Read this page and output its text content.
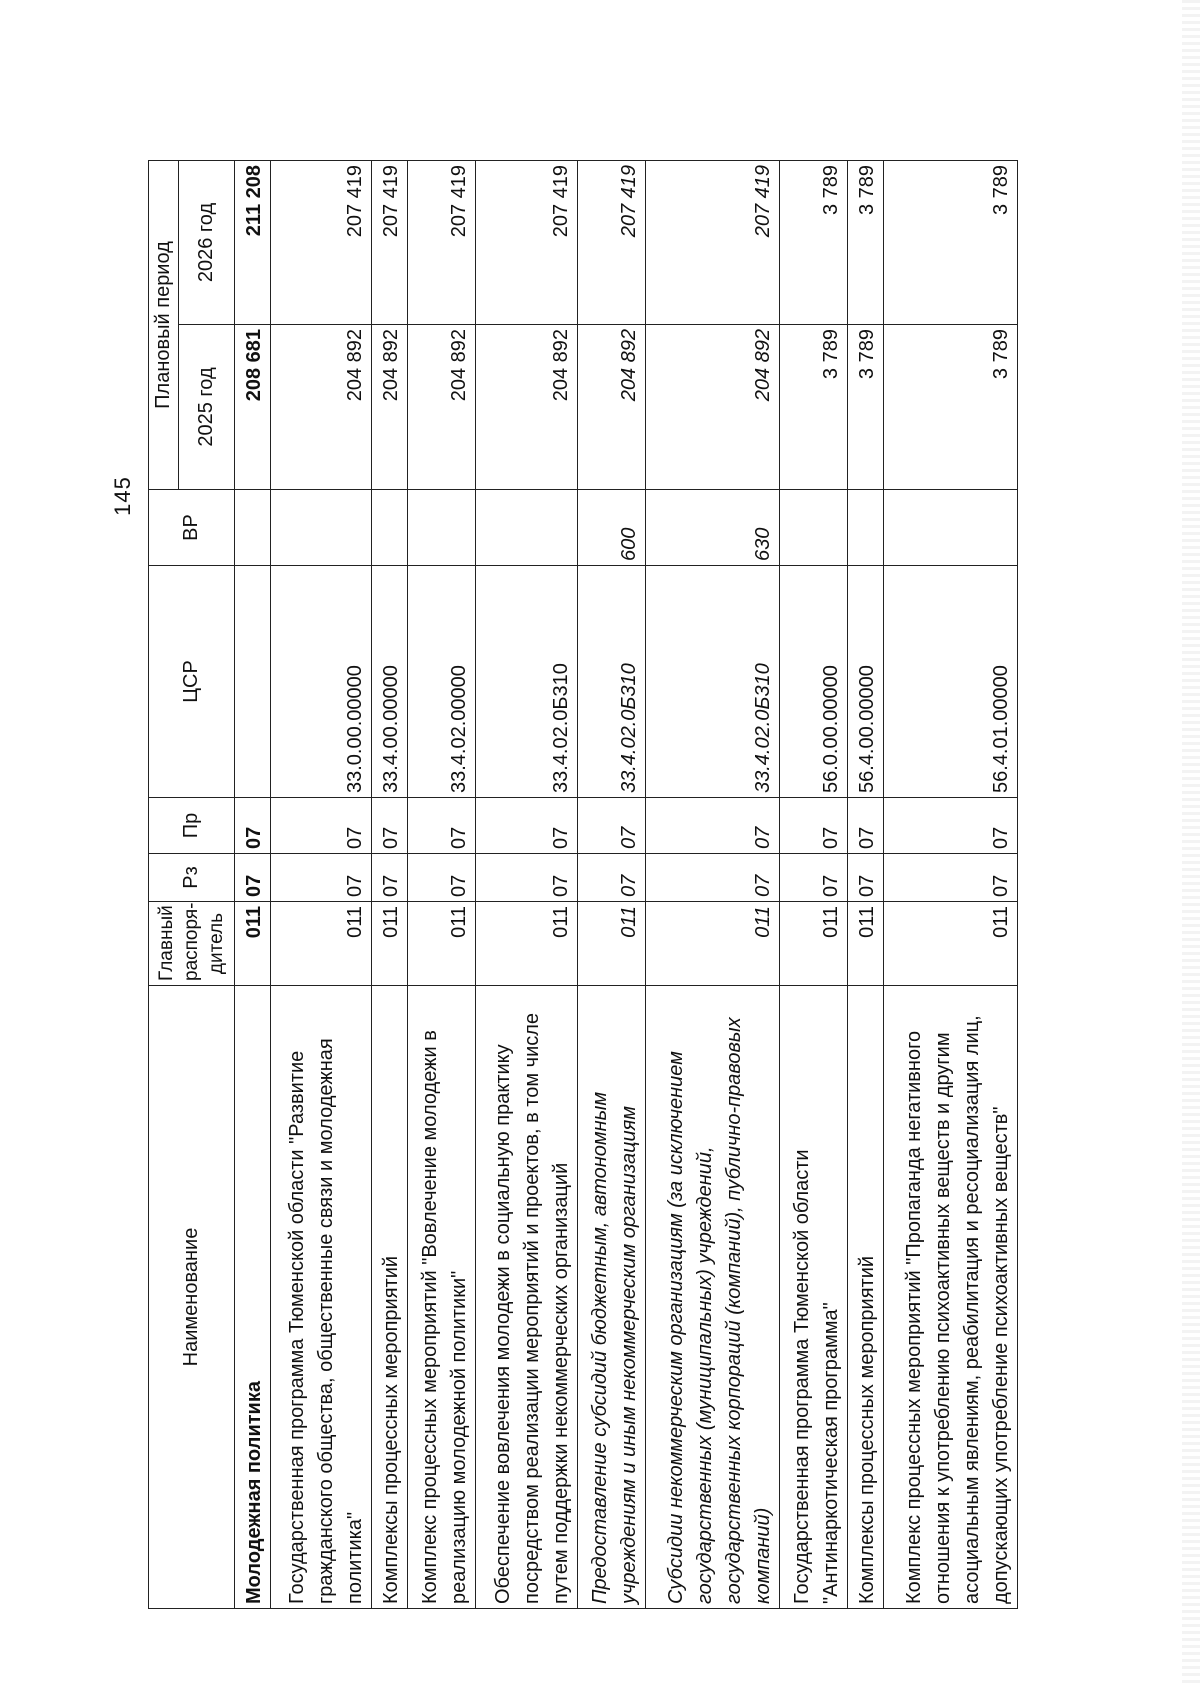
145
Наименование	Главный распоря-дитель	Рз	Пр	ЦСР	ВР	Плановый период	
						2025 год	2026 год
Молодежная политика	011	07	07			208 681	211 208
Государственная программа Тюменской области "Развитие гражданского общества, общественные связи и молодежная политика"	011	07	07	33.0.00.00000		204 892	207 419
Комплексы процессных мероприятий	011	07	07	33.4.00.00000		204 892	207 419
Комплекс процессных мероприятий "Вовлечение молодежи в реализацию молодежной политики"	011	07	07	33.4.02.00000		204 892	207 419
Обеспечение вовлечения молодежи в социальную практику посредством реализации мероприятий и проектов, в том числе путем поддержки некоммерческих организаций	011	07	07	33.4.02.0Б310		204 892	207 419
Предоставление субсидий бюджетным, автономным учреждениям и иным некоммерческим организациям	011	07	07	33.4.02.0Б310	600	204 892	207 419
Субсидии некоммерческим организациям (за исключением государственных (муниципальных) учреждений, государственных корпораций (компаний), публично-правовых компаний)	011	07	07	33.4.02.0Б310	630	204 892	207 419
Государственная программа Тюменской области "Антинаркотическая программа"	011	07	07	56.0.00.00000		3 789	3 789
Комплексы процессных мероприятий	011	07	07	56.4.00.00000		3 789	3 789
Комплекс процессных мероприятий "Пропаганда негативного отношения к употреблению психоактивных веществ и другим асоциальным явлениям, реабилитация и ресоциализация лиц, допускающих употребление психоактивных веществ"	011	07	07	56.4.01.00000		3 789	3 789
